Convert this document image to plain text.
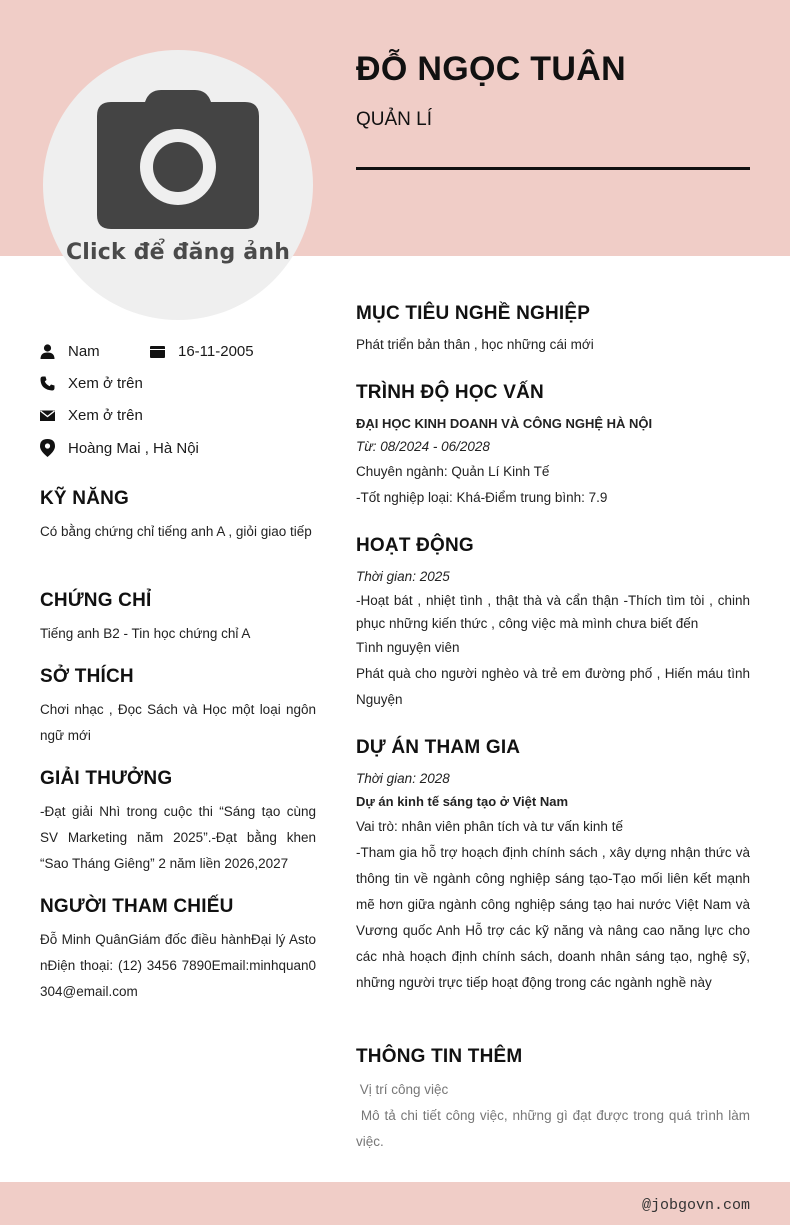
Click để đăng ảnh
ĐỖ NGỌC TUÂN
QUẢN LÍ
Nam	16-11-2005
Xem ở trên
Xem ở trên
Hoàng Mai , Hà Nội
KỸ NĂNG
Có bằng chứng chỉ tiếng anh A , giỏi giao tiếp
CHỨNG CHỈ
Tiếng anh B2 - Tin học chứng chỉ A
SỞ THÍCH
Chơi nhạc , Đọc Sách và Học một loại ngôn ngữ mới
GIẢI THƯỞNG
-Đạt giải Nhì trong cuộc thi “Sáng tạo cùng SV Marketing năm 2025”.-Đạt bằng khen “Sao Tháng Giêng” 2 năm liền 2026,2027
NGƯỜI THAM CHIẾU
Đỗ Minh QuânGiám đốc điều hànhĐại lý AstonĐiện thoại: (12) 3456 7890Email:minhquan0304@email.com
MỤC TIÊU NGHỀ NGHIỆP
Phát triển bản thân , học những cái mới
TRÌNH ĐỘ HỌC VẤN
ĐẠI HỌC KINH DOANH VÀ CÔNG NGHỆ HÀ NỘI
Từ: 08/2024 - 06/2028
Chuyên ngành: Quản Lí Kinh Tế
-Tốt nghiệp loại: Khá-Điểm trung bình: 7.9
HOẠT ĐỘNG
Thời gian: 2025
-Hoạt bát , nhiệt tình , thật thà và cẩn thận -Thích tìm tòi , chinh phục những kiến thức , công việc mà mình chưa biết đến
Tình nguyện viên
Phát quà cho người nghèo và trẻ em đường phố , Hiến máu tình Nguyện
DỰ ÁN THAM GIA
Thời gian: 2028
Dự án kinh tế sáng tạo ở Việt Nam
Vai trò: nhân viên phân tích và tư vấn kinh tế
-Tham gia hỗ trợ hoạch định chính sách , xây dựng nhận thức và thông tin về ngành công nghiệp sáng tạo-Tạo mối liên kết mạnh mẽ hơn giữa ngành công nghiệp sáng tạo hai nước Việt Nam và Vương quốc Anh Hỗ trợ các kỹ năng và nâng cao năng lực cho các nhà hoạch định chính sách, doanh nhân sáng tạo, nghệ sỹ, những người trực tiếp hoạt động trong các ngành nghề này
THÔNG TIN THÊM
Vị trí công việc
Mô tả chi tiết công việc, những gì đạt được trong quá trình làm việc.
@jobgovn.com
